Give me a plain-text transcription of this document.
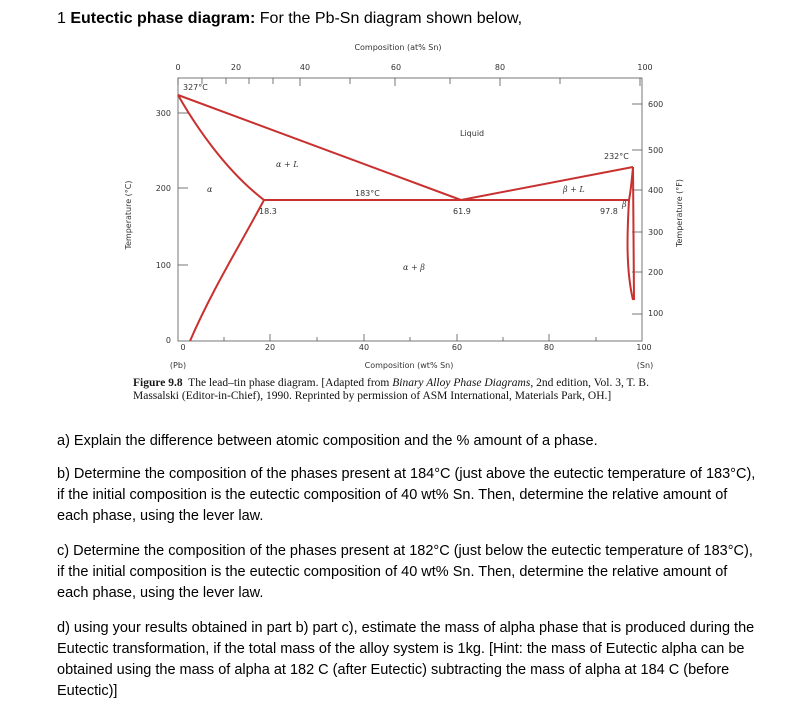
1 Eutectic phase diagram: For the Pb-Sn diagram shown below,
Composition (at% Sn)
0	20	40	60	80	100
0	20	40	60	80	100
(Pb)	Composition (wt% Sn)	(Sn)
0
100
200
300
Temperature (°C)
100
200
300
400
500
600
Temperature (°F)
327°C
232°C
183°C
Liquid
α + L
β + L
α + β
α
β
18.3	61.9	97.8
Figure 9.8 The lead–tin phase diagram. [Adapted from Binary Alloy Phase Diagrams, 2nd edition, Vol. 3, T. B. Massalski (Editor-in-Chief), 1990. Reprinted by permission of ASM International, Materials Park, OH.]

a) Explain the difference between atomic composition and the % amount of a phase.

b) Determine the composition of the phases present at 184°C (just above the eutectic temperature of 183°C), if the initial composition is the eutectic composition of 40 wt% Sn. Then, determine the relative amount of each phase, using the lever law.

c) Determine the composition of the phases present at 182°C (just below the eutectic temperature of 183°C), if the initial composition is the eutectic composition of 40 wt% Sn. Then, determine the relative amount of each phase, using the lever law.

d) using your results obtained in part b) part c), estimate the mass of alpha phase that is produced during the Eutectic transformation, if the total mass of the alloy system is 1kg. [Hint: the mass of Eutectic alpha can be obtained using the mass of alpha at 182 C (after Eutectic) subtracting the mass of alpha at 184 C (before Eutectic)]
